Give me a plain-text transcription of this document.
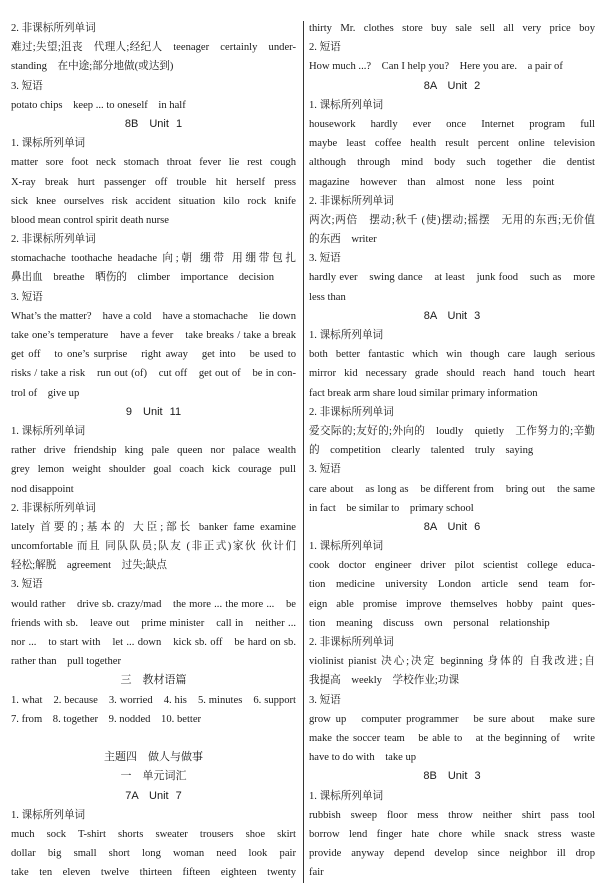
2. 非课标所列单词
难过;失望;沮丧　代理人;经纪人　teenager　certainly　under-
standing　在中途;部分地做(或达到)
3. 短语
potato chips　keep ... to oneself　in half
8B　Unit 1
1. 课标所列单词
matter sore foot neck stomach throat fever lie rest cough
X-ray break hurt passenger off trouble hit herself press
sick knee ourselves risk accident situation kilo rock knife
blood mean control spirit death nurse
2. 非课标所列单词
stomachache toothache headache 向;朝 绷带 用绷带包扎
鼻出血　breathe　晒伤的　climber　importance　decision
3. 短语
What’s the matter?　have a cold　have a stomachache　lie down
take one’s temperature　have a fever　take breaks / take a break
get off　to one’s surprise　right away　get into　be used to　
risks / take a risk　run out (of)　cut off　get out of　be in con-
trol of　give up
9　Unit 11
1. 课标所列单词
rather drive friendship king pale queen nor palace wealth
grey lemon weight shoulder goal coach kick courage pull
nod disappoint
2. 非课标所列单词
lately 首要的;基本的 大臣;部长 banker fame examine
uncomfortable 而且 同队队员;队友 (非正式)家伙 伙计们
轻松;解脱　agreement　过失;缺点
3. 短语
would rather　drive sb. crazy/mad　the more ... the more ...　be
friends with sb.　leave out　prime minister　call in　neither ...
nor ...　to start with　let ... down　kick sb. off　be hard on sb.
rather than　pull together
三　教材语篇
1. what　2. because　3. worried　4. his　5. minutes　6. support
7. from　8. together　9. nodded　10. better
主题四　做人与做事
一　单元词汇
7A　Unit 7
1. 课标所列单词
much sock T-shirt shorts sweater trousers shoe skirt
dollar big small short long woman need look pair
take ten eleven twelve thirteen fifteen eighteen twenty
thirty Mr. clothes store buy sale sell all very price boy
2. 短语
How much ...?　Can I help you?　Here you are.　a pair of
8A　Unit 2
1. 课标所列单词
housework hardly ever once Internet program full
maybe least coffee health result percent online television
although through mind body such together die dentist
magazine　however　than　almost　none　less　point
2. 非课标所列单词
两次;两倍　摆动;秋千 (使)摆动;摇摆　无用的东西;无价值
的东西　writer
3. 短语
hardly ever　swing dance　at least　junk food　such as　more
less than
8A　Unit 3
1. 课标所列单词
both better fantastic which win though care laugh serious
mirror kid necessary grade should reach hand touch heart
fact break arm share loud similar primary information
2. 非课标所列单词
爱交际的;友好的;外向的　loudly　quietly　工作努力的;辛勤
的　competition　clearly　talented　truly　saying
3. 短语
care about　as long as　be different from　bring out　the same
in fact　be similar to　primary school
8A　Unit 6
1. 课标所列单词
cook doctor engineer driver pilot scientist college educa-
tion medicine university London article send team for-
eign able promise improve themselves hobby paint ques-
tion　meaning　discuss　own　personal　relationship
2. 非课标所列单词
violinist pianist 决心;决定 beginning 身体的 自我改进;自
我提高　weekly　学校作业;功课
3. 短语
grow up　computer programmer　be sure about　make sure
make the soccer team　be able to　at the beginning of　write
have to do with　take up
8B　Unit 3
1. 课标所列单词
rubbish sweep floor mess throw neither shirt pass tool
borrow lend finger hate chore while snack stress waste
provide anyway depend develop since neighbor ill drop
fair
